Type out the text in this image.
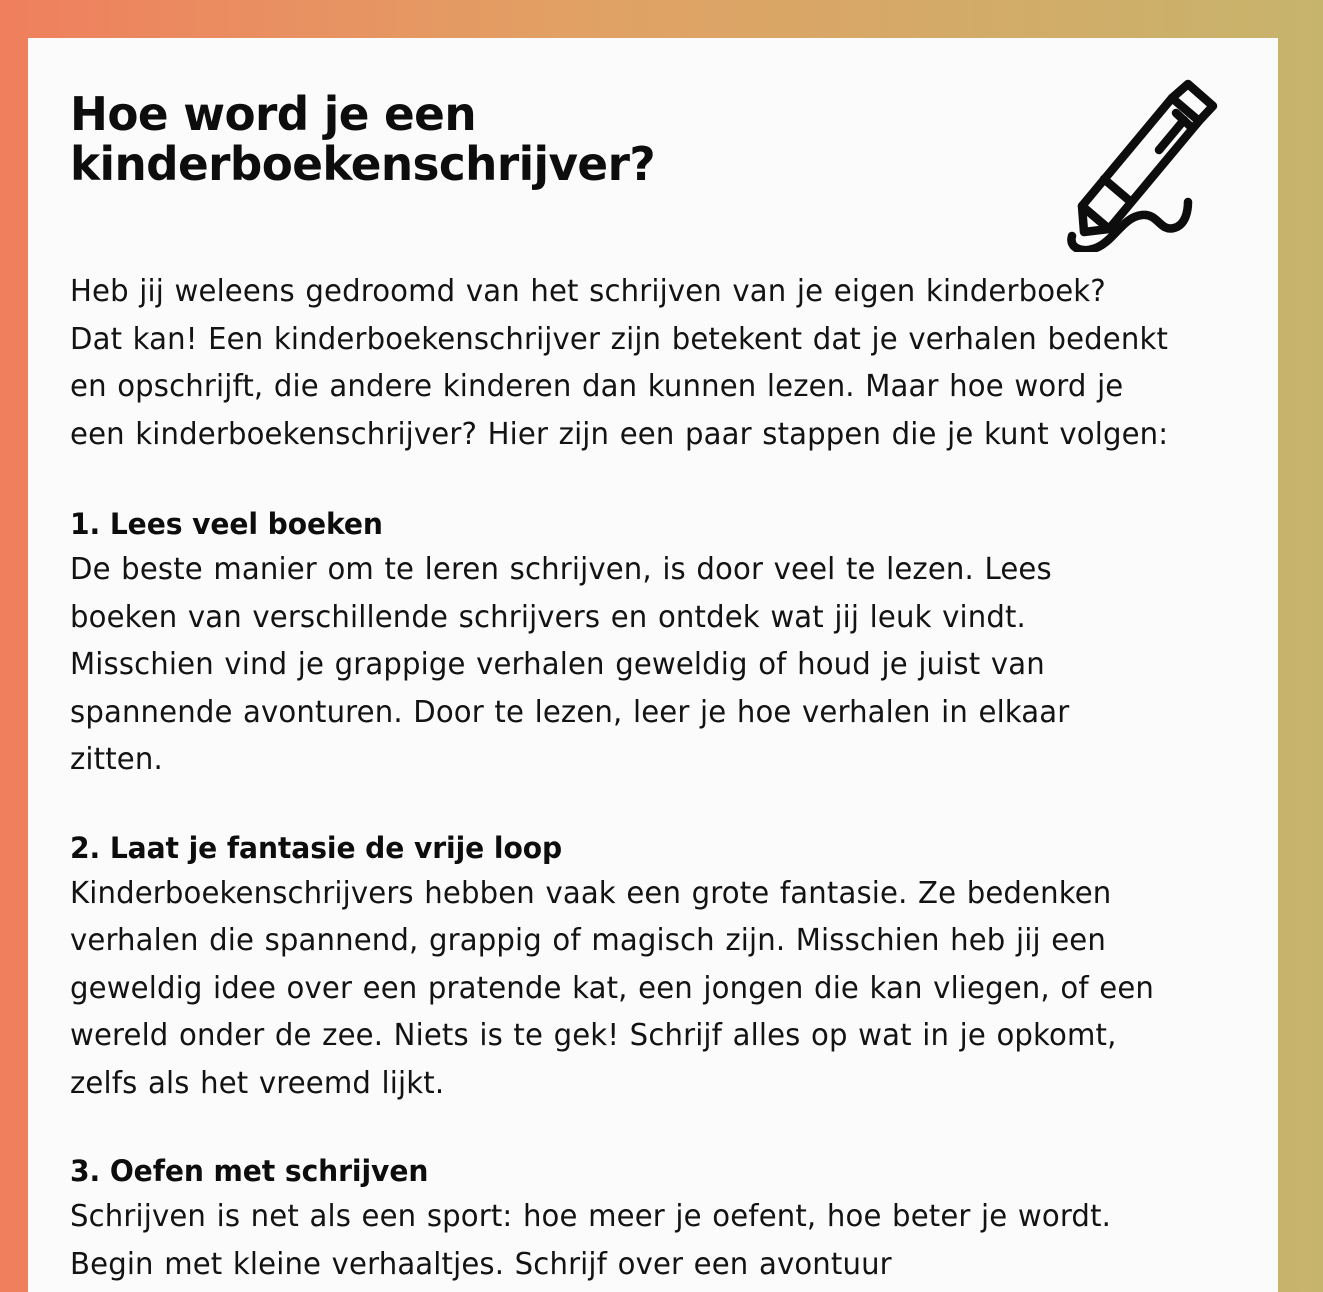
Hoe word je een kinderboekenschrijver?

Heb jij weleens gedroomd van het schrijven van je eigen kinderboek? Dat kan! Een kinderboekenschrijver zijn betekent dat je verhalen bedenkt en opschrijft, die andere kinderen dan kunnen lezen. Maar hoe word je een kinderboekenschrijver? Hier zijn een paar stappen die je kunt volgen:

1. Lees veel boeken

De beste manier om te leren schrijven, is door veel te lezen. Lees boeken van verschillende schrijvers en ontdek wat jij leuk vindt. Misschien vind je grappige verhalen geweldig of houd je juist van spannende avonturen. Door te lezen, leer je hoe verhalen in elkaar zitten.

2. Laat je fantasie de vrije loop

Kinderboekenschrijvers hebben vaak een grote fantasie. Ze bedenken verhalen die spannend, grappig of magisch zijn. Misschien heb jij een geweldig idee over een pratende kat, een jongen die kan vliegen, of een wereld onder de zee. Niets is te gek! Schrijf alles op wat in je opkomt, zelfs als het vreemd lijkt.

3. Oefen met schrijven

Schrijven is net als een sport: hoe meer je oefent, hoe beter je wordt. Begin met kleine verhaaltjes. Schrijf over een avontuur
